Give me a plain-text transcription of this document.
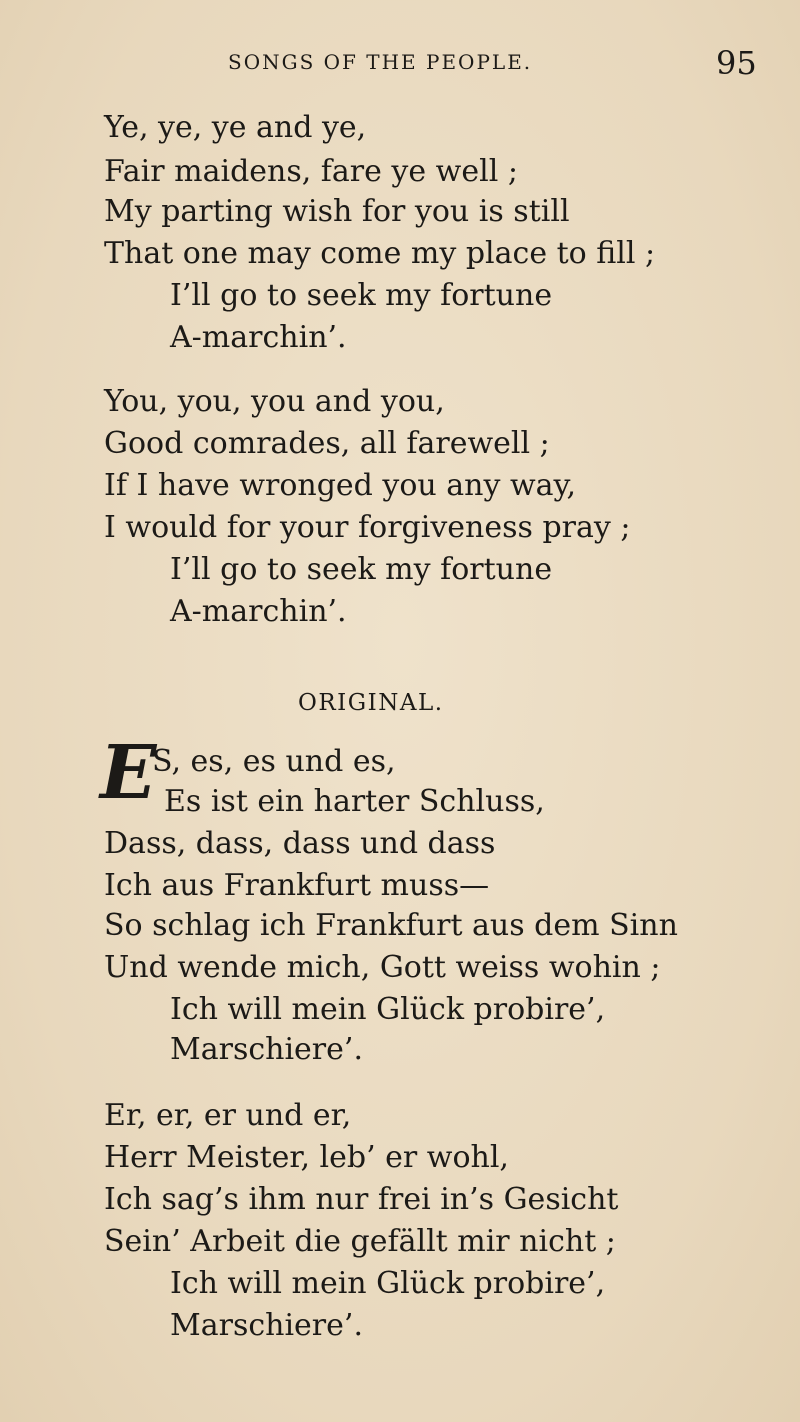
SONGS OF THE PEOPLE.	95
Ye, ye, ye and ye,
Fair maidens, fare ye well ;
My parting wish for you is still
That one may come my place to fill ;
I’ll go to seek my fortune
A-marchin’.
You, you, you and you,
Good comrades, all farewell ;
If I have wronged you any way,
I would for your forgiveness pray ;
I’ll go to seek my fortune
A-marchin’.
ORIGINAL.
E
S, es, es und es,
Es ist ein harter Schluss,
Dass, dass, dass und dass
Ich aus Frankfurt muss—
So schlag ich Frankfurt aus dem Sinn
Und wende mich, Gott weiss wohin ;
Ich will mein Glück probire’,
Marschiere’.
Er, er, er und er,
Herr Meister, leb’ er wohl,
Ich sag’s ihm nur frei in’s Gesicht
Sein’ Arbeit die gefällt mir nicht ;
Ich will mein Glück probire’,
Marschiere’.
